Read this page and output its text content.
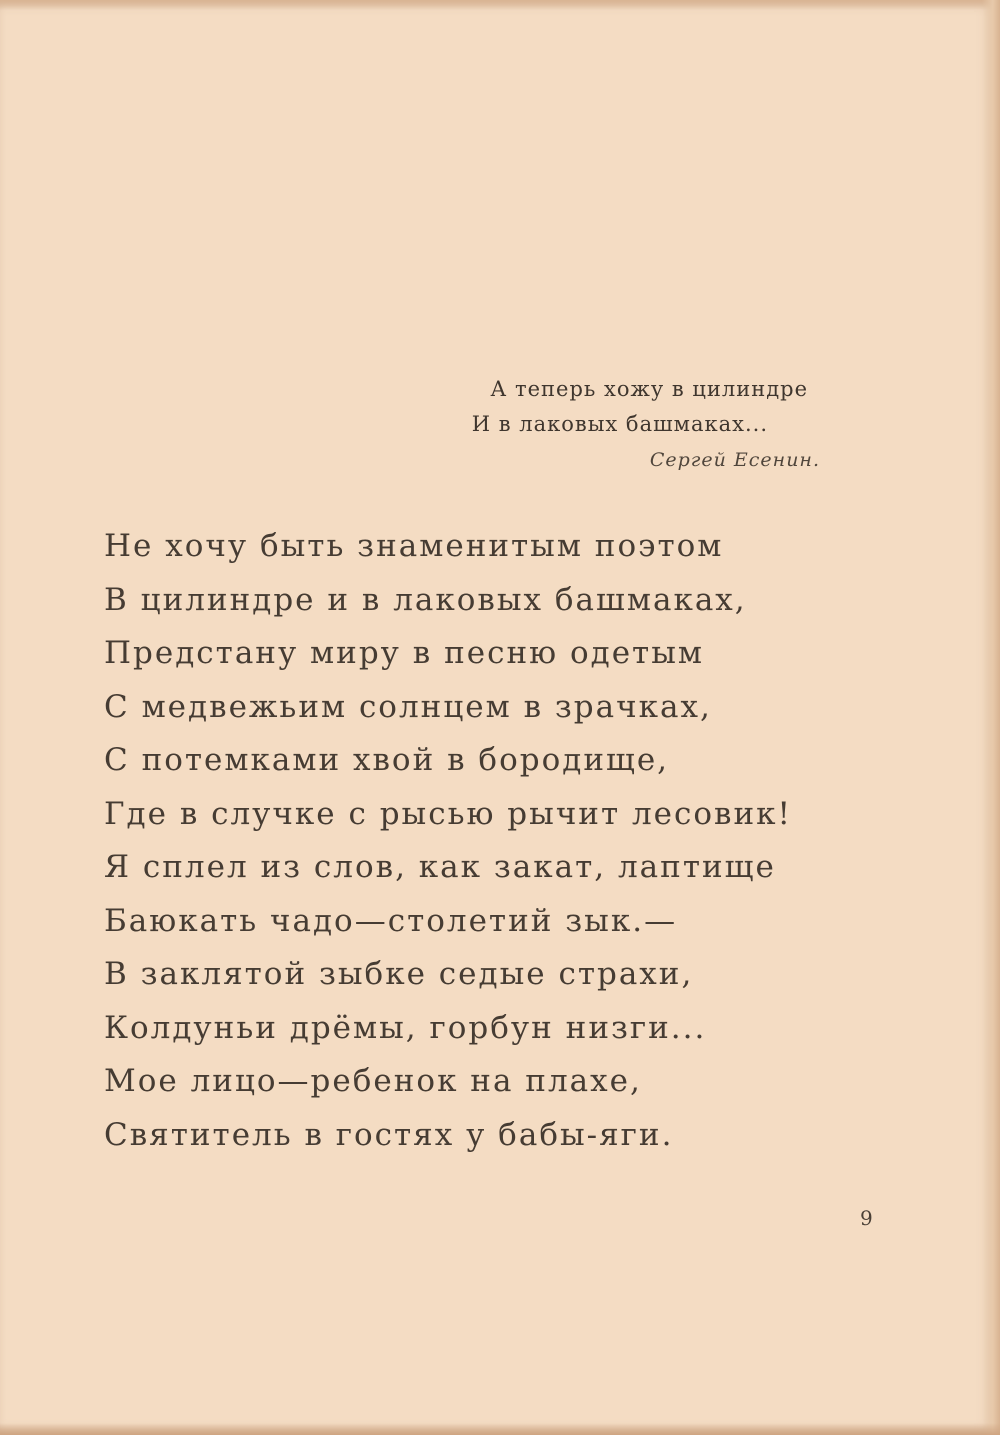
А теперь хожу в цилиндре
И в лаковых башмаках...
Сергей Есенин.
Не хочу быть знаменитым поэтом
В цилиндре и в лаковых башмаках,
Предстану миру в песню одетым
С медвежьим солнцем в зрачках,
С потемками хвой в бородище,
Где в случке с рысью рычит лесовик!
Я сплел из слов, как закат, лаптище
Баюкать чадо—столетий зык.—
В заклятой зыбке седые страхи,
Колдуньи дрёмы, горбун низги...
Мое лицо—ребенок на плахе,
Святитель в гостях у бабы-яги.
9
